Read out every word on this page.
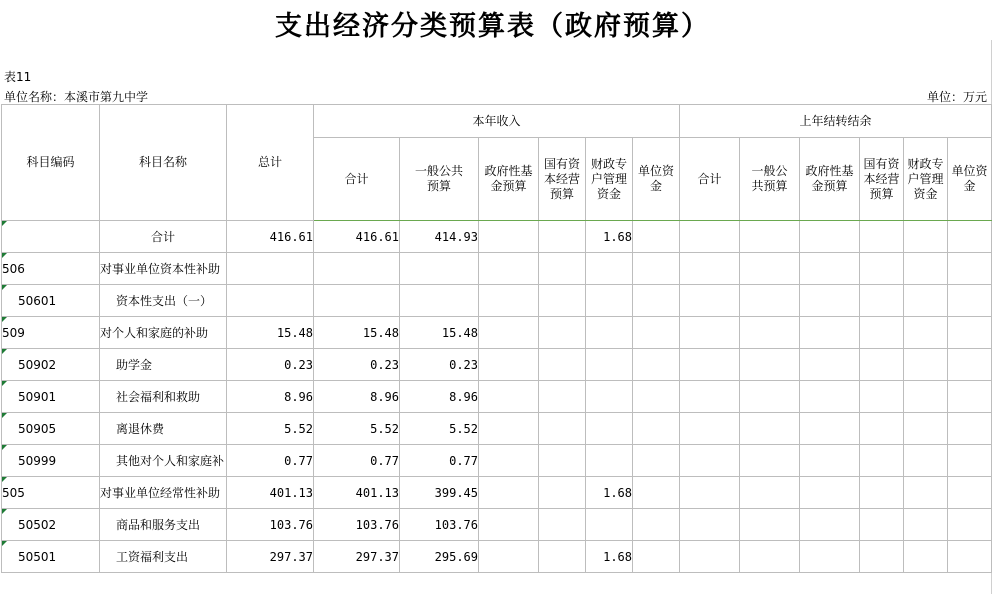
支出经济分类预算表（政府预算）
表11
单位名称：本溪市第九中学	单位：万元
科目编码	科目名称	总计	本年收入						上年结转结余					
			合计	一般公共预算	政府性基金预算	国有资本经营预算	财政专户管理资金	单位资金	合计	一般公共预算	政府性基金预算	国有资本经营预算	财政专户管理资金	单位资金

	合计	416.61	416.61	414.93			1.68							

506	对事业单位资本性补助													

50601	资本性支出（一）													

509	对个人和家庭的补助	15.48	15.48	15.48										

50902	助学金	0.23	0.23	0.23										

50901	社会福利和救助	8.96	8.96	8.96										

50905	离退休费	5.52	5.52	5.52										

50999	其他对个人和家庭补	0.77	0.77	0.77										

505	对事业单位经常性补助	401.13	401.13	399.45			1.68							

50502	商品和服务支出	103.76	103.76	103.76										

50501	工资福利支出	297.37	297.37	295.69			1.68							
